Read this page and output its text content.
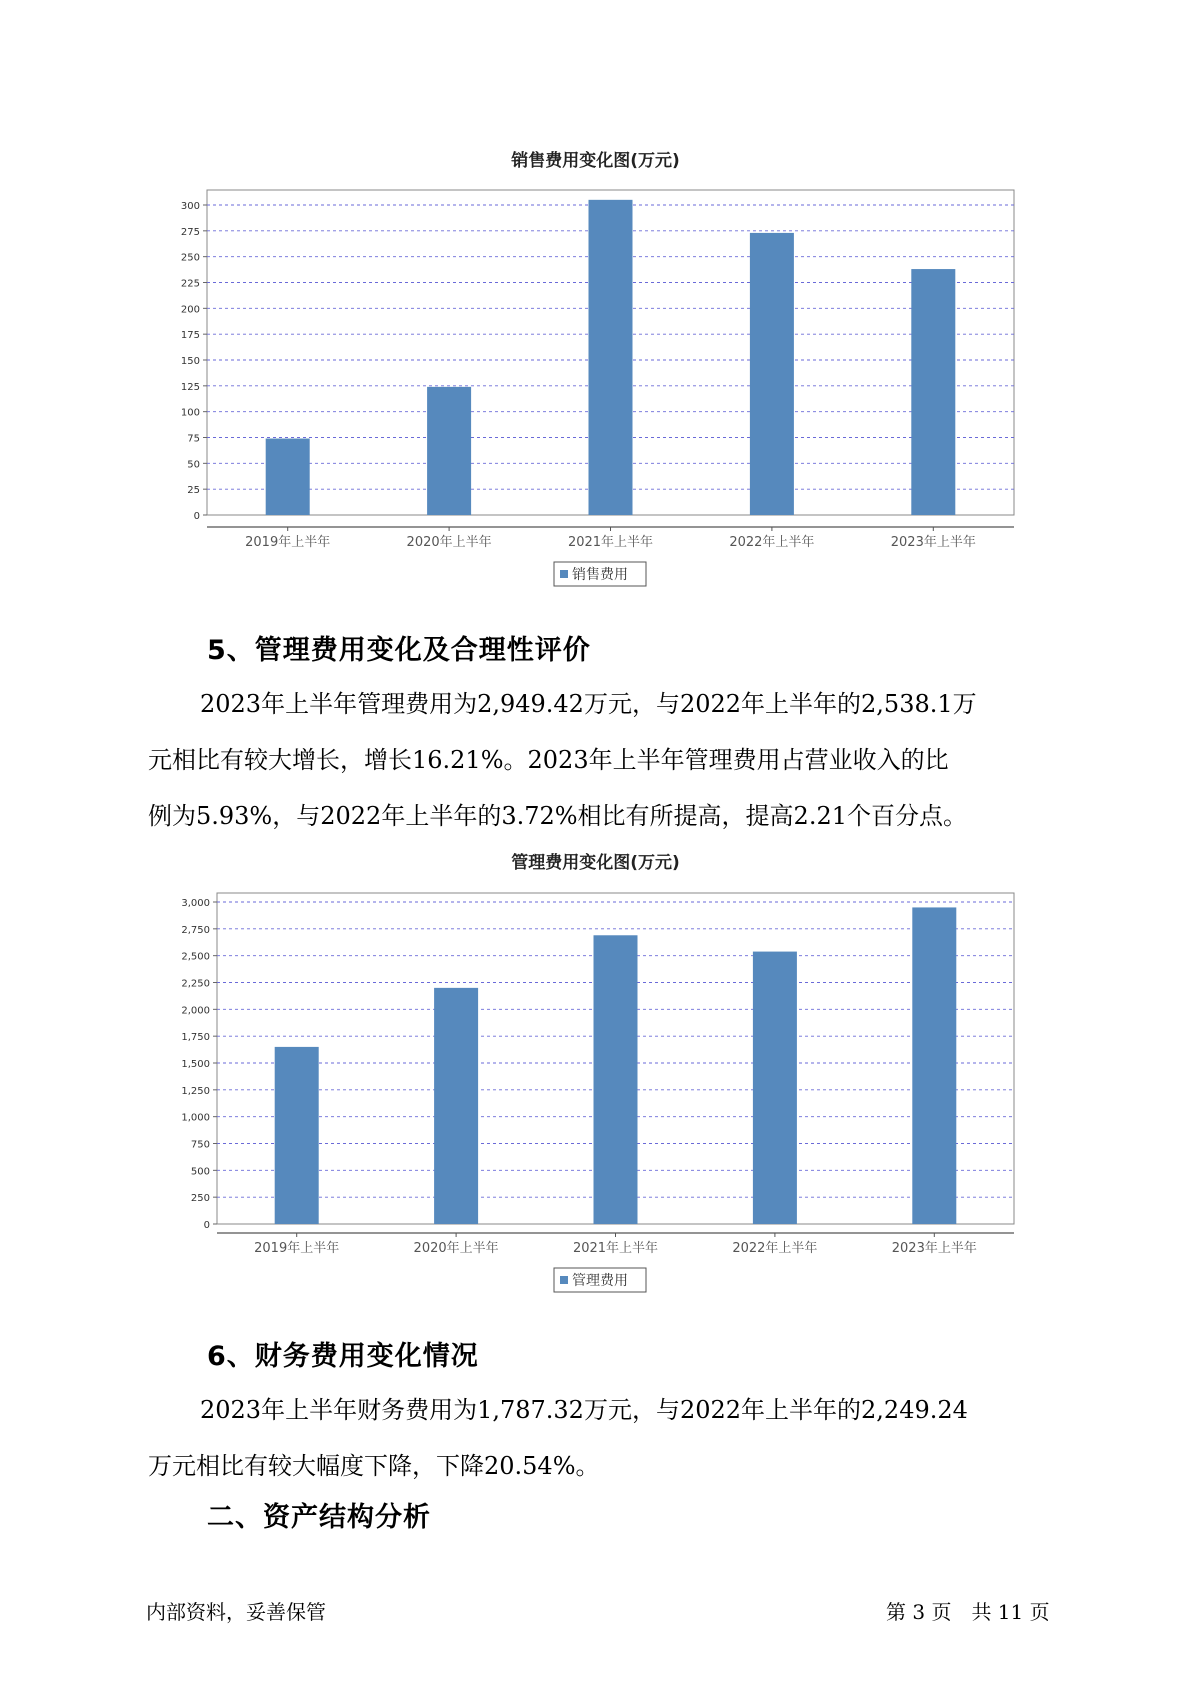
销售费用变化图(万元)
0
25
50
75
100
125
150
175
200
225
250
275
300
2019年上半年	2020年上半年	2021年上半年	2022年上半年	2023年上半年
销售费用
5、管理费用变化及合理性评价
2023年上半年管理费用为2,949.42万元，与2022年上半年的2,538.1万
元相比有较大增长，增长16.21%。2023年上半年管理费用占营业收入的比
例为5.93%，与2022年上半年的3.72%相比有所提高，提高2.21个百分点。
管理费用变化图(万元)
0
250
500
750
1,000
1,250
1,500
1,750
2,000
2,250
2,500
2,750
3,000
2019年上半年	2020年上半年	2021年上半年	2022年上半年	2023年上半年
管理费用
6、财务费用变化情况
2023年上半年财务费用为1,787.32万元，与2022年上半年的2,249.24
万元相比有较大幅度下降，下降20.54%。
二、资产结构分析
内部资料，妥善保管	第 3 页　共 11 页
